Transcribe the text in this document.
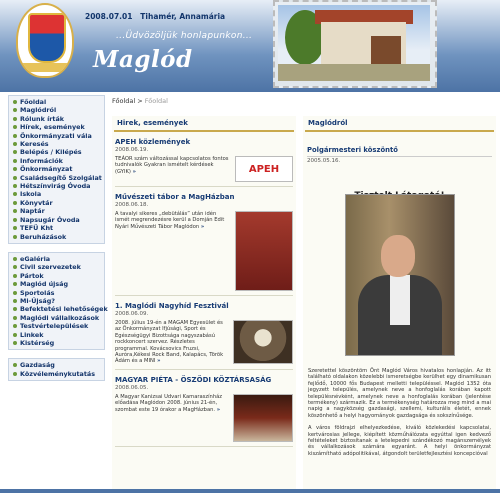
2008.07.01 Tihamér, Annamária
...Üdvözöljük honlapunkon...
Maglód
Főoldal
Maglódról
Rólunk írták
Hírek, események
Önkormányzati vála
Keresés
Belépés / Kilépés
Információk
Önkormányzat
Családsegítő Szolgálat
Hétszínvirág Óvoda
Iskola
Könyvtár
Naptár
Napsugár Óvoda
TEFÜ Kht
Beruházások
eGaléria
Civil szervezetek
Pártok
Maglód újság
Sportolás
Mi-Újság?
Befektetési lehetőségek
Maglódi vállalkozások
Testvértelepülések
Linkek
Kistérség
Gazdaság
Közvéleménykutatás
Főoldal > Főoldal
Hirek, események
APEH közlemények
2008.06.19.
TEÁOR szám változással kapcsolatos fontos tudnivalók Gyakran ismételt kérdések (GYIK) »	APEH
Művészeti tábor a MagHázban
2008.06.18.
A tavalyi sikeres „debütálás” után idén ismét megrendezésre kerül a Domján Edit Nyári Művészeti Tábor Maglódon »
1. Maglódi Nagyhíd Fesztivál
2008.06.09.
2008. július 19-én a MAGAM Egyesület és az Önkormányzat Ifjúsági, Sport és Egészségügyi Bizottsága nagyszabású rockkoncert szervez. Részletes programmal. Kovácsovics Fruzsi, Auróra,Kékesi Rock Band, Kalapács, Török Ádám és a MINI »
MAGYAR PIÉTA - ÖSZÖDI KÖZTÁRSASÁG
2008.06.05.
A Magyar Kanizsai Udvari Kamaraszínház előadása Maglódon 2008. június 21-én, szombat este 19 órakor a MagHázban. »
Maglódról
Polgármesteri köszöntő
2005.05.16.

Szeretettel köszöntöm Önt Maglód Város hivatalos honlapján. Az itt található oldalakon közelebbi ismeretségbe kerülhet egy dinamikusan fejlődő, 10000 fős Budapest melletti településsel. Maglód 1352 óta jegyzett település, amelynek neve a honfoglalás korában kapott településnévként, amelynek neve a honfoglalás korában (jelentése termékeny) származik. Ez a termékenység határozza meg mind a mai napig a nagyközség gazdasági, szellemi, kulturális életét, ennek köszönhető a helyi hagyományok gazdagsága és sokszínűsége.

A város földrajzi elhelyezkedése, kiváló közlekedési kapcsolatai, kertvárosias jellege, kiépített közműhálózata egyúttal igen kedvező feltételeket biztosítanak a letelepedni szándékozó magánszemélyek és vállalkozások számára egyaránt. A helyi önkormányzat kiszámítható adópolitikával, átgondolt területfejlesztési koncepcióval
